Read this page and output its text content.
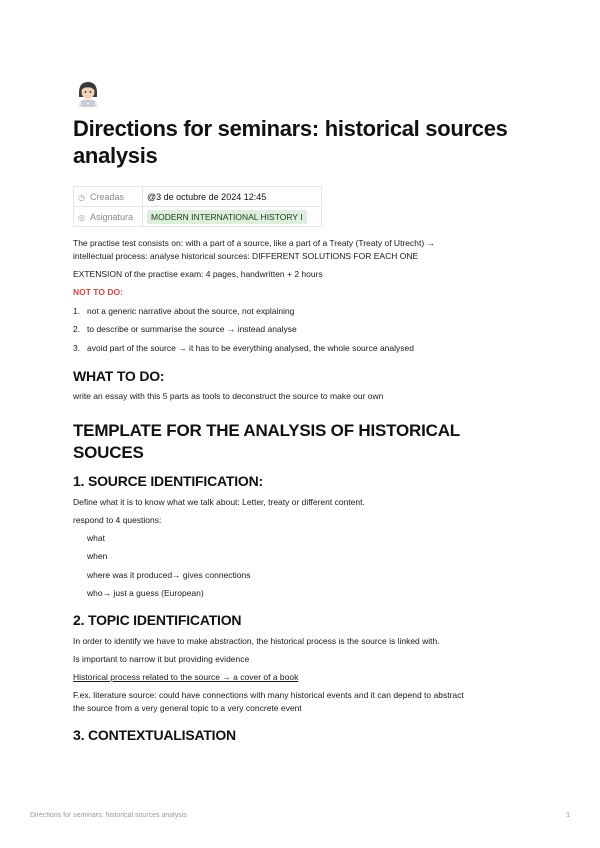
Directions for seminars: historical sources analysis
◷ Creadas	@3 de octubre de 2024 12:45
◎ Asignatura	MODERN INTERNATIONAL HISTORY I

The practise test consists on: with a part of a source, like a part of a Treaty (Treaty of Utrecht) →

intellectual process: analyse historical sources: DIFFERENT SOLUTIONS FOR EACH ONE

EXTENSION of the practise exam: 4 pages, handwritten + 2 hours

NOT TO DO:

1. not a generic narrative about the source, not explaining

2. to describe or summarise the source → instead analyse

3. avoid part of the source → it has to be everything analysed, the whole source analysed

WHAT TO DO:

write an essay with this 5 parts as tools to deconstruct the source to make our own

TEMPLATE FOR THE ANALYSIS OF HISTORICAL
SOUCES
1. SOURCE IDENTIFICATION:

Define what it is to know what we talk about: Letter, treaty or different content.

respond to 4 questions:

what

when

where was it produced→ gives connections

who→ just a guess (European)

2. TOPIC IDENTIFICATION

In order to identify we have to make abstraction, the historical process is the source is linked with.

Is important to narrow it but providing evidence

Historical process related to the source → a cover of a book

F.ex. literature source: could have connections with many historical events and it can depend to abstract

the source from a very general topic to a very concrete event

3. CONTEXTUALISATION
Directions for seminars: historical sources analysis	1
